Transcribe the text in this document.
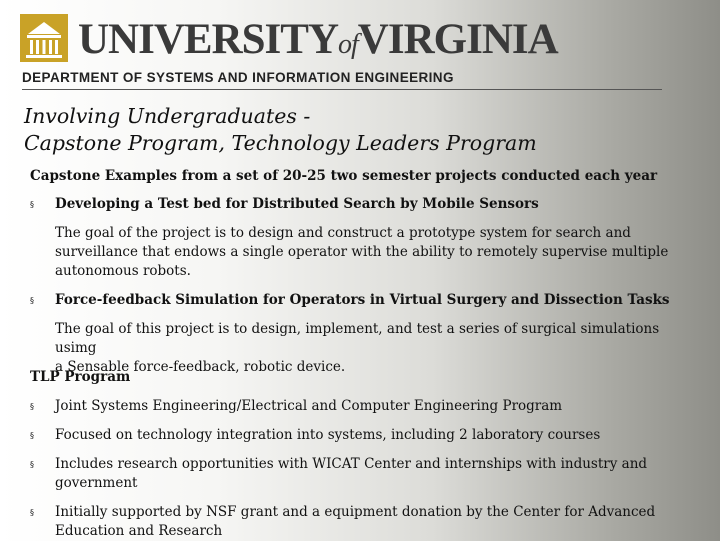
UNIVERSITYofVIRGINIA
DEPARTMENT OF SYSTEMS AND INFORMATION ENGINEERING
Involving Undergraduates -
Capstone Program, Technology Leaders Program
Capstone Examples from a set of 20-25 two semester projects conducted each year
§ Developing a Test bed for Distributed Search by Mobile Sensors
The goal of the project is to design and construct a prototype system for search and
surveillance that endows a single operator with the ability to remotely supervise multiple
autonomous robots.
§ Force-feedback Simulation for Operators in Virtual Surgery and Dissection Tasks
The goal of this project is to design, implement, and test a series of surgical simulations usimg
a Sensable force-feedback, robotic device.
TLP Program
§ Joint Systems Engineering/Electrical and Computer Engineering Program
§ Focused on technology integration into systems, including 2 laboratory courses
§ Includes research opportunities with WICAT Center and internships with industry and
government
§ Initially supported by NSF grant and a equipment donation by the Center for Advanced
Education and Research
